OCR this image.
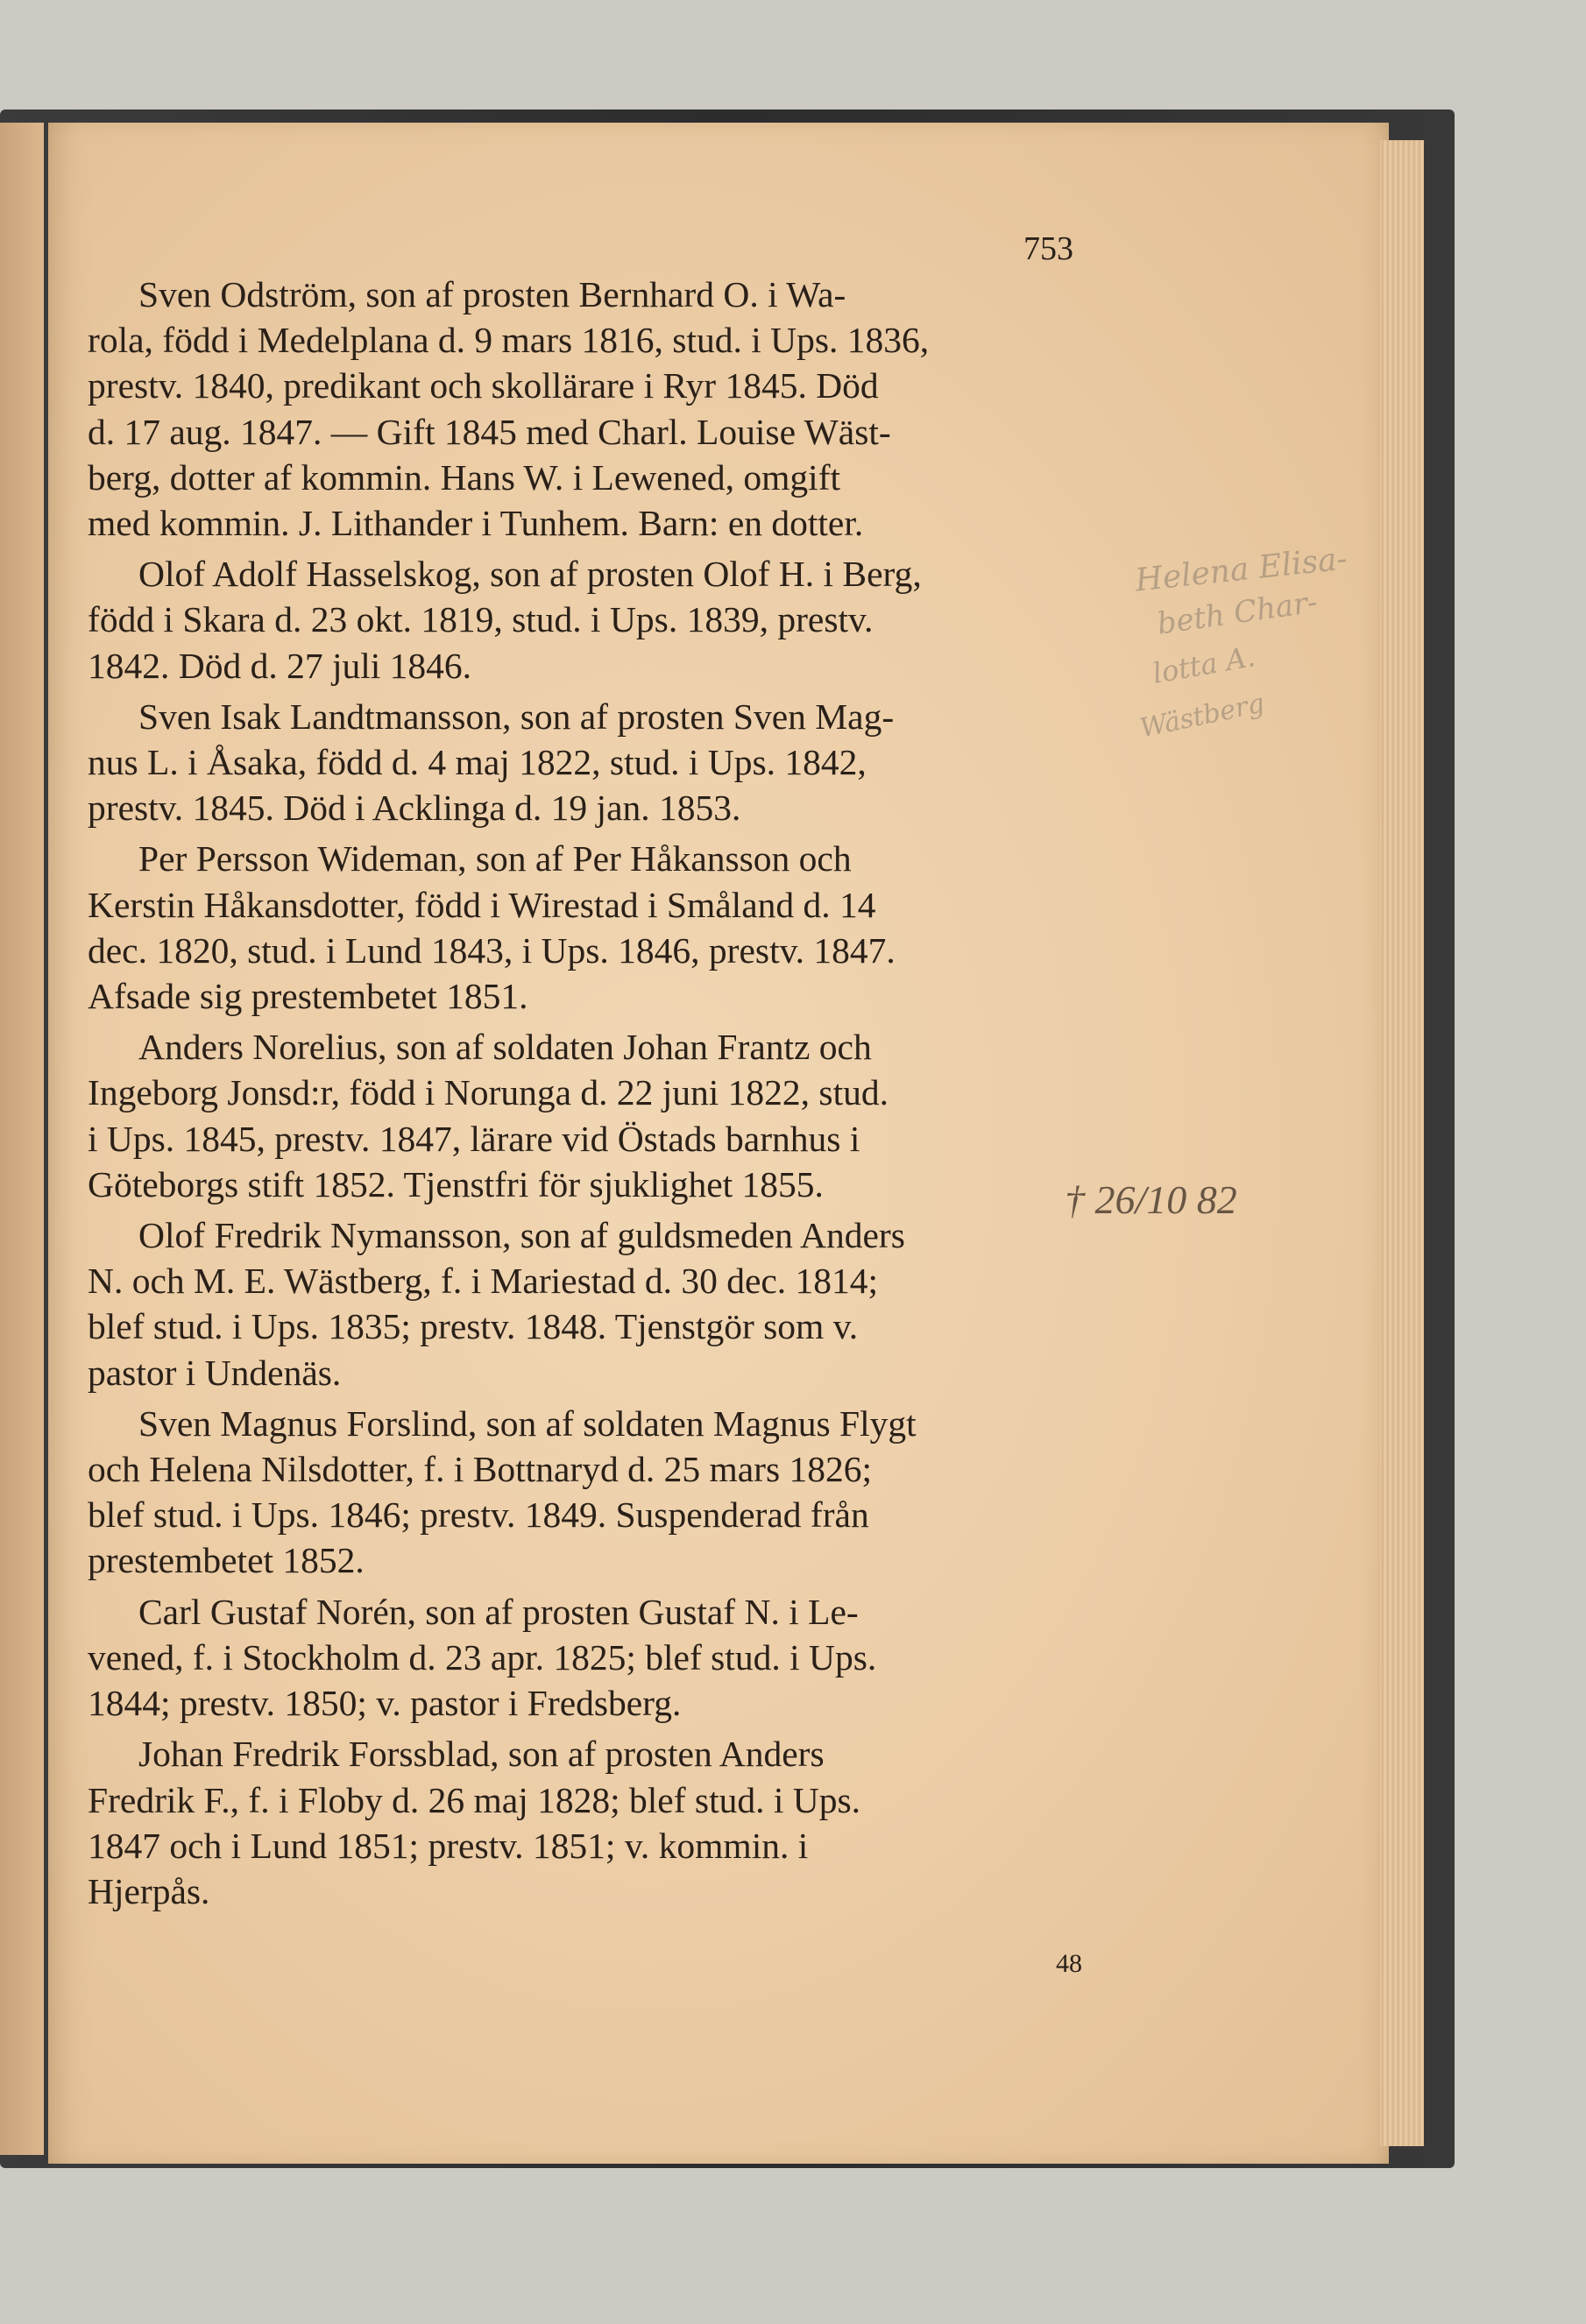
753

Sven Odström, son af prosten Bernhard O. i Wa-
rola, född i Medelplana d. 9 mars 1816, stud. i Ups. 1836,
prestv. 1840, predikant och skollärare i Ryr 1845. Död
d. 17 aug. 1847. — Gift 1845 med Charl. Louise Wäst-
berg, dotter af kommin. Hans W. i Lewened, omgift
med kommin. J. Lithander i Tunhem. Barn: en dotter.

Olof Adolf Hasselskog, son af prosten Olof H. i Berg,
född i Skara d. 23 okt. 1819, stud. i Ups. 1839, prestv.
1842. Död d. 27 juli 1846.

Sven Isak Landtmansson, son af prosten Sven Mag-
nus L. i Åsaka, född d. 4 maj 1822, stud. i Ups. 1842,
prestv. 1845. Död i Acklinga d. 19 jan. 1853.

Per Persson Wideman, son af Per Håkansson och
Kerstin Håkansdotter, född i Wirestad i Småland d. 14
dec. 1820, stud. i Lund 1843, i Ups. 1846, prestv. 1847.
Afsade sig prestembetet 1851.

Anders Norelius, son af soldaten Johan Frantz och
Ingeborg Jonsd:r, född i Norunga d. 22 juni 1822, stud.
i Ups. 1845, prestv. 1847, lärare vid Östads barnhus i
Göteborgs stift 1852. Tjenstfri för sjuklighet 1855.

Olof Fredrik Nymansson, son af guldsmeden Anders
N. och M. E. Wästberg, f. i Mariestad d. 30 dec. 1814;
blef stud. i Ups. 1835; prestv. 1848. Tjenstgör som v.
pastor i Undenäs.

Sven Magnus Forslind, son af soldaten Magnus Flygt
och Helena Nilsdotter, f. i Bottnaryd d. 25 mars 1826;
blef stud. i Ups. 1846; prestv. 1849. Suspenderad från
prestembetet 1852.

Carl Gustaf Norén, son af prosten Gustaf N. i Le-
vened, f. i Stockholm d. 23 apr. 1825; blef stud. i Ups.
1844; prestv. 1850; v. pastor i Fredsberg.

Johan Fredrik Forssblad, son af prosten Anders
Fredrik F., f. i Floby d. 26 maj 1828; blef stud. i Ups.
1847 och i Lund 1851; prestv. 1851; v. kommin. i
Hjerpås.

Helena Elisa-
beth Char-
lotta A.
Wästberg
† 26/10 82
48
